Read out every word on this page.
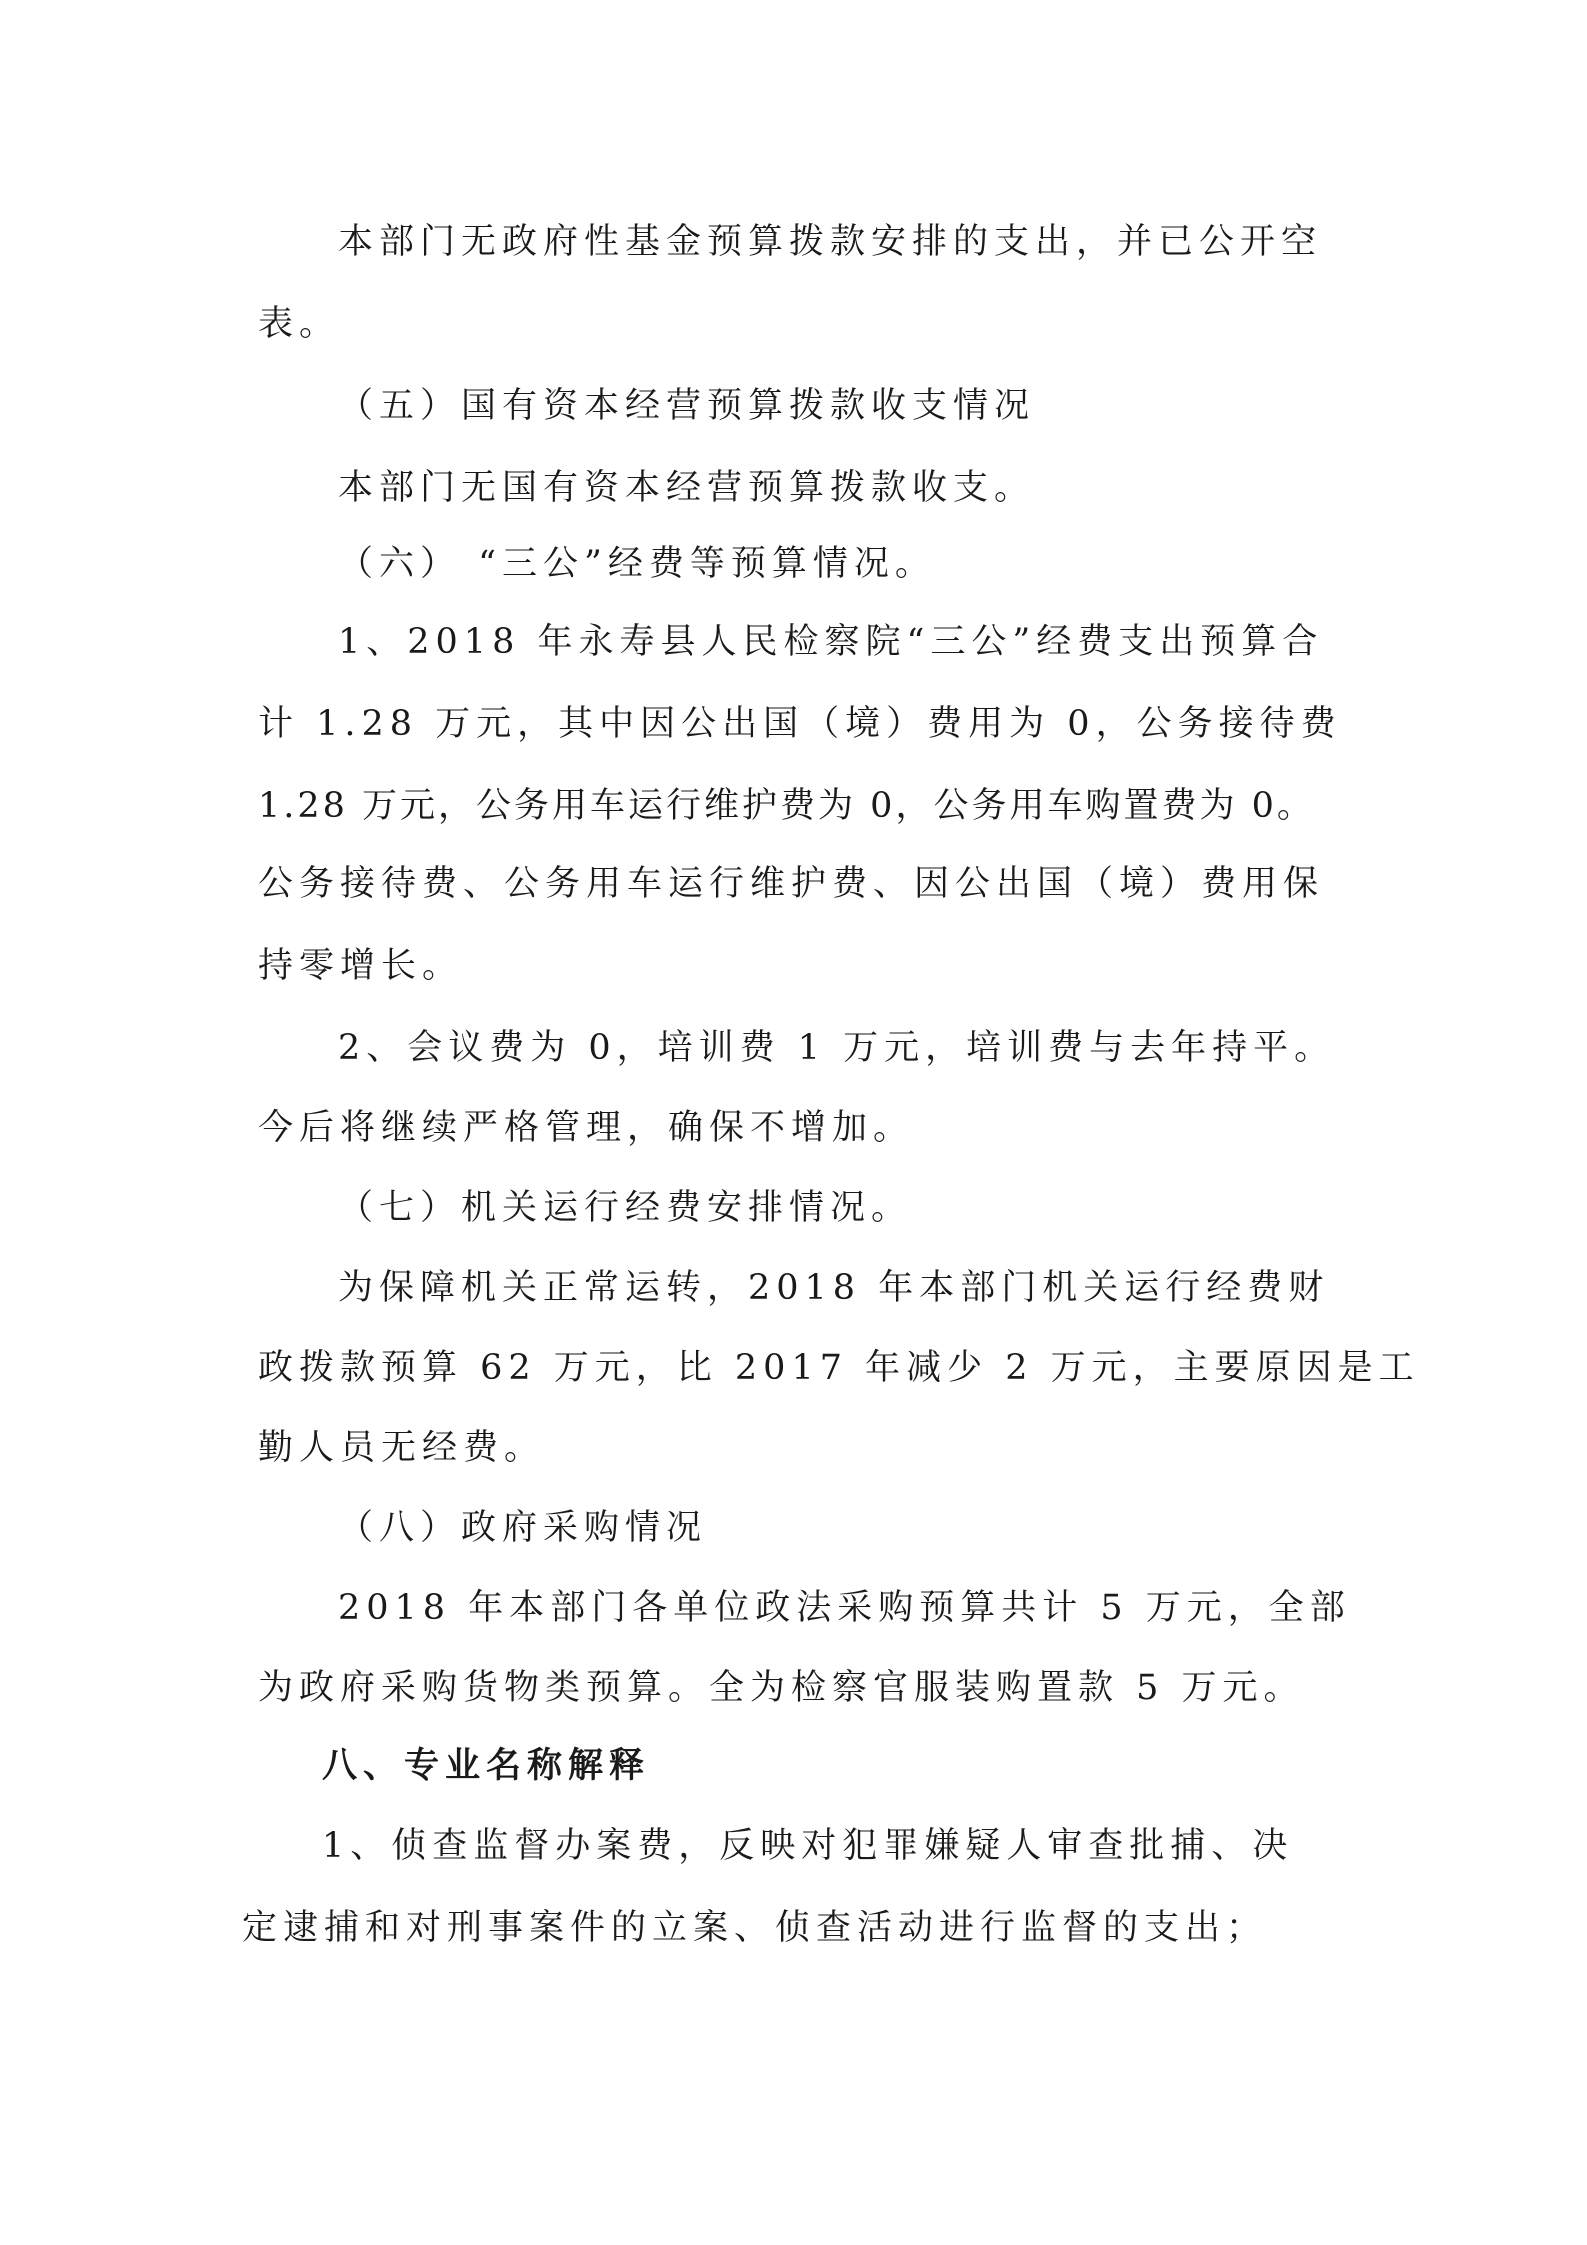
本部门无政府性基金预算拨款安排的支出，并已公开空
表。
（五）国有资本经营预算拨款收支情况
本部门无国有资本经营预算拨款收支。
（六） “三公”经费等预算情况。
1、2018 年永寿县人民检察院“三公”经费支出预算合
计 1.28 万元，其中因公出国（境）费用为 0，公务接待费
1.28 万元，公务用车运行维护费为 0，公务用车购置费为 0。
公务接待费、公务用车运行维护费、因公出国（境）费用保
持零增长。
2、会议费为 0，培训费 1 万元，培训费与去年持平。
今后将继续严格管理，确保不增加。
（七）机关运行经费安排情况。
为保障机关正常运转，2018 年本部门机关运行经费财
政拨款预算 62 万元，比 2017 年减少 2 万元，主要原因是工
勤人员无经费。
（八）政府采购情况
2018 年本部门各单位政法采购预算共计 5 万元，全部
为政府采购货物类预算。全为检察官服装购置款 5 万元。
八、专业名称解释
1、侦查监督办案费，反映对犯罪嫌疑人审查批捕、决
定逮捕和对刑事案件的立案、侦查活动进行监督的支出；
